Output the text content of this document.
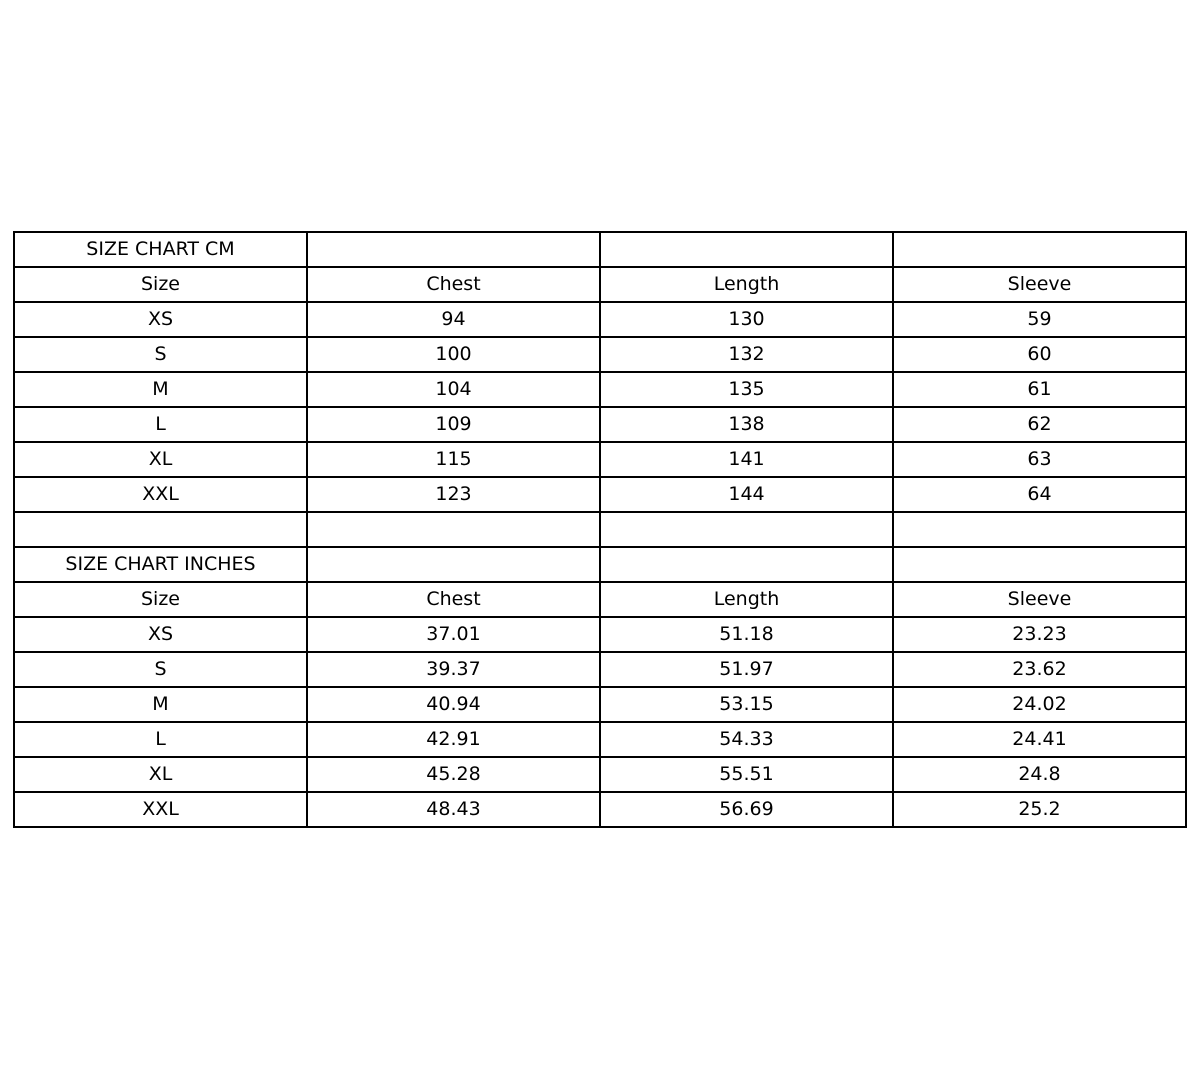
SIZE CHART CM			
Size	Chest	Length	Sleeve
XS	94	130	59
S	100	132	60
M	104	135	61
L	109	138	62
XL	115	141	63
XXL	123	144	64

SIZE CHART INCHES			
Size	Chest	Length	Sleeve
XS	37.01	51.18	23.23
S	39.37	51.97	23.62
M	40.94	53.15	24.02
L	42.91	54.33	24.41
XL	45.28	55.51	24.8
XXL	48.43	56.69	25.2
